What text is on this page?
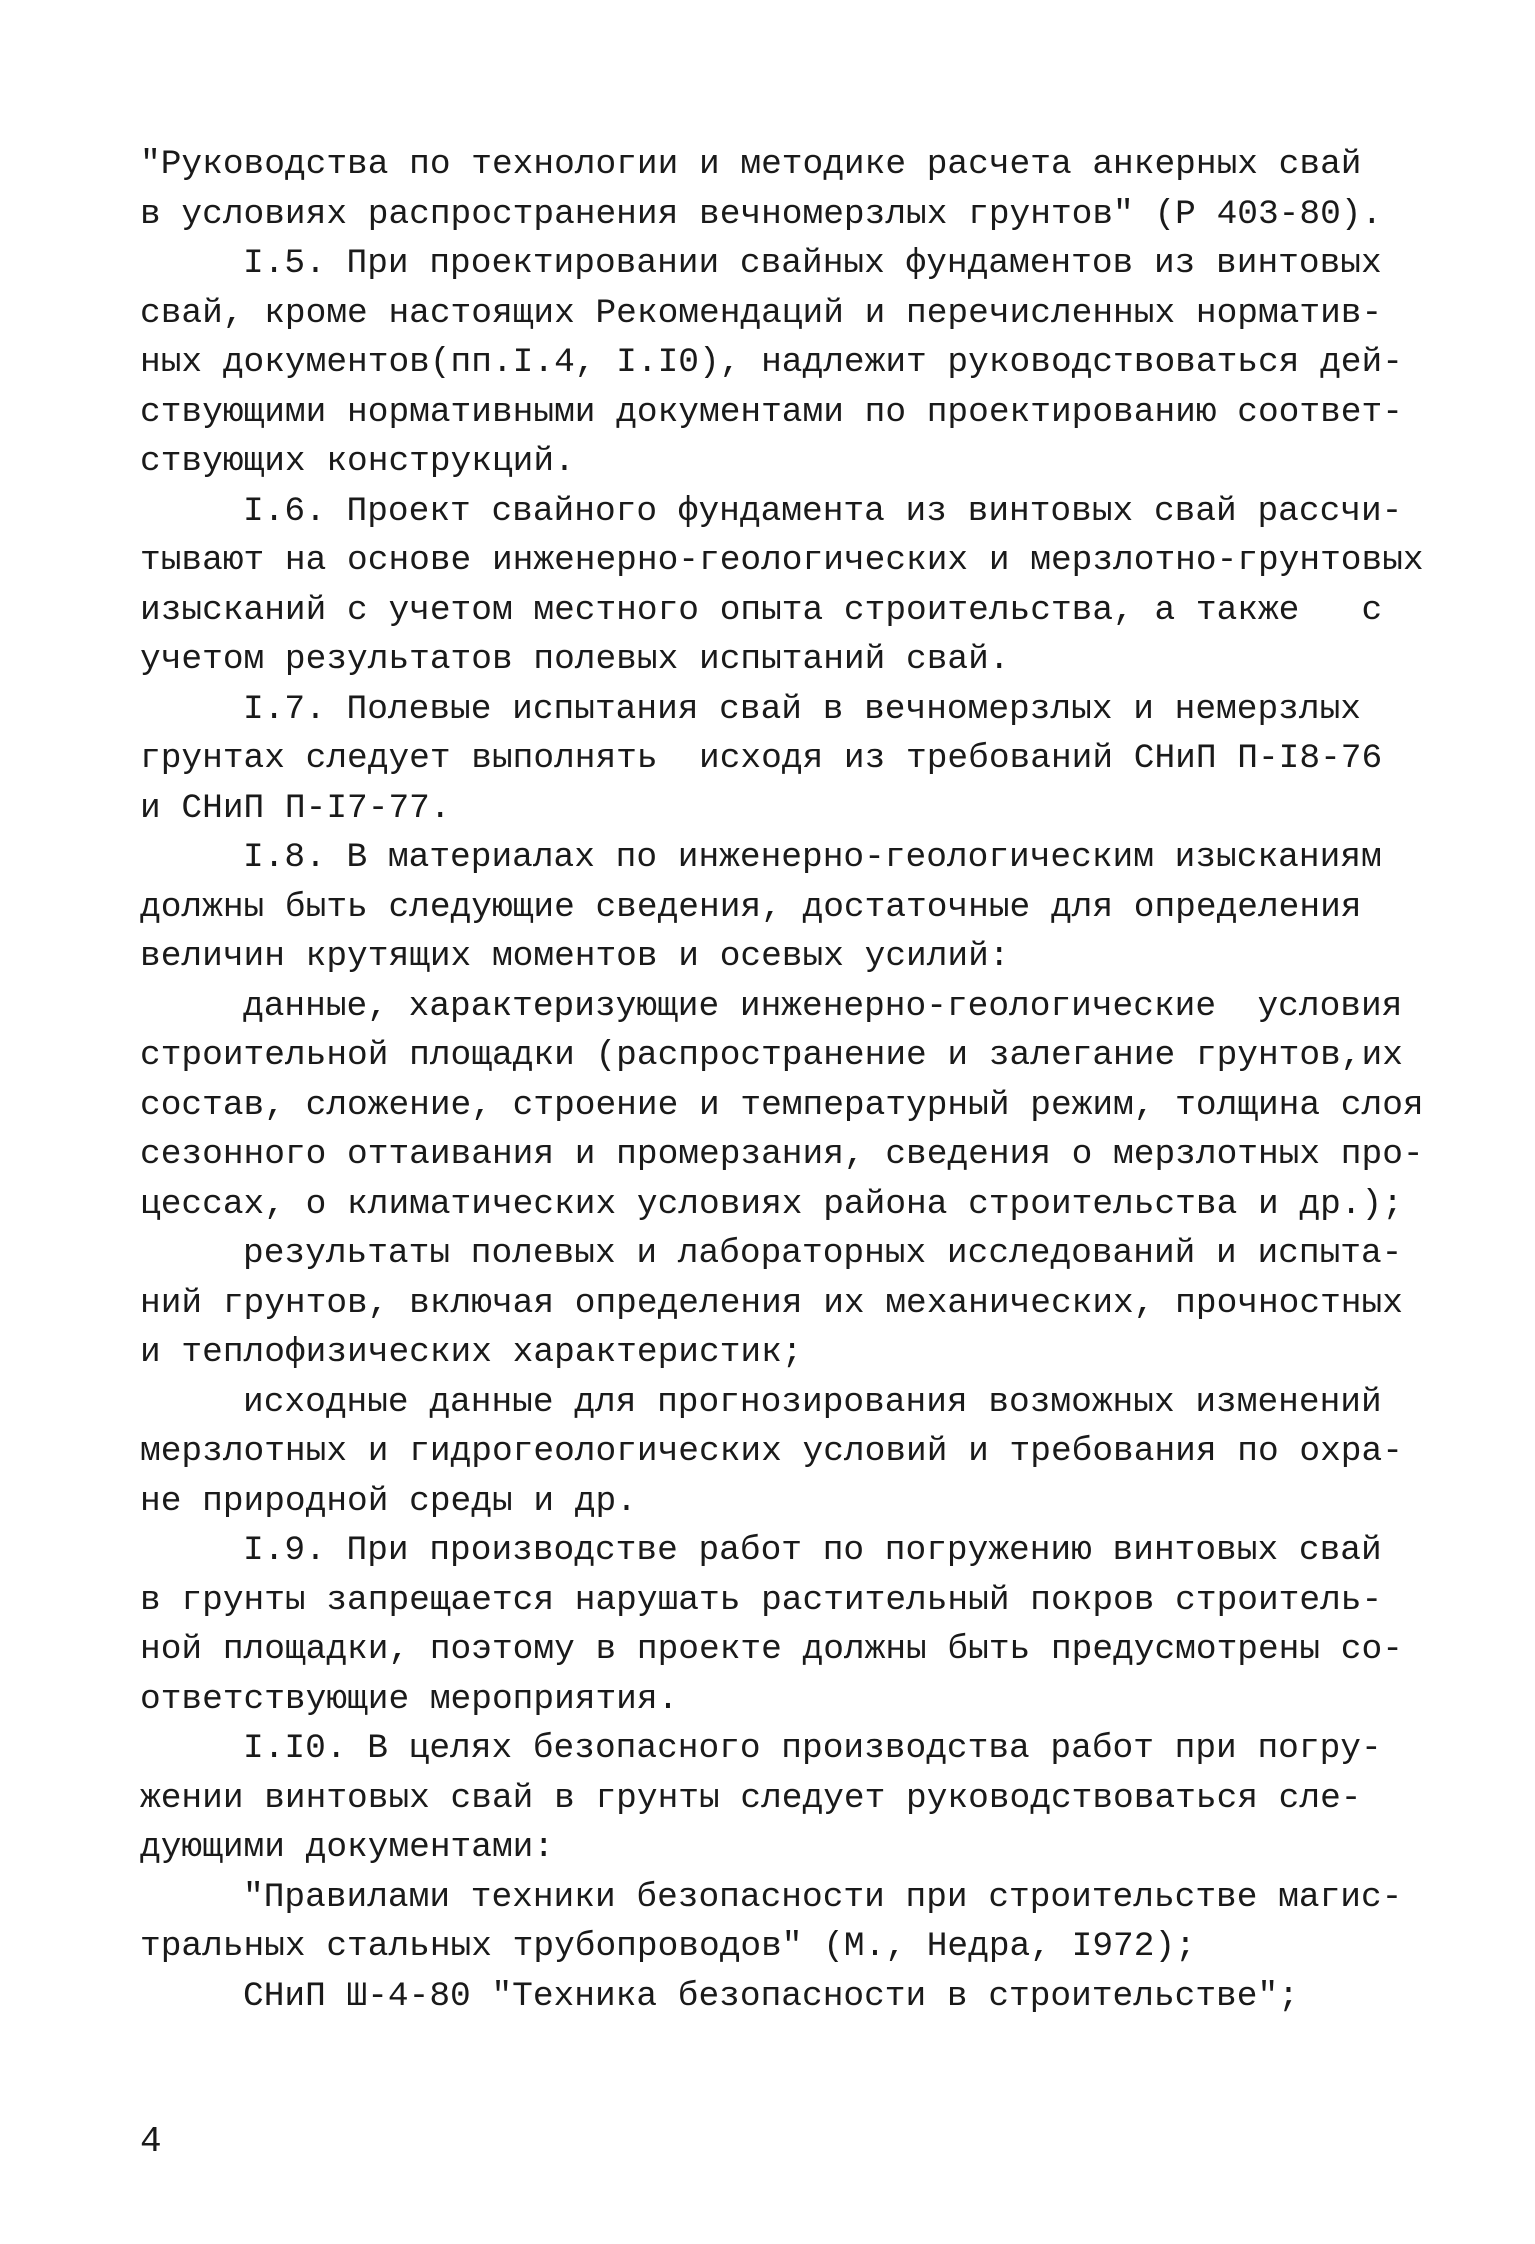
"Руководства по технологии и методике расчета анкерных свай
в условиях распространения вечномерзлых грунтов" (Р 403-80).
I.5. При проектировании свайных фундаментов из винтовых
свай, кроме настоящих Рекомендаций и перечисленных норматив-
ных документов(пп.I.4, I.I0), надлежит руководствоваться дей-
ствующими нормативными документами по проектированию соответ-
ствующих конструкций.
I.6. Проект свайного фундамента из винтовых свай рассчи-
тывают на основе инженерно-геологических и мерзлотно-грунтовых
изысканий с учетом местного опыта строительства, а также   с
учетом результатов полевых испытаний свай.
I.7. Полевые испытания свай в вечномерзлых и немерзлых
грунтах следует выполнять  исходя из требований СНиП П-I8-76
и СНиП П-I7-77.
I.8. В материалах по инженерно-геологическим изысканиям
должны быть следующие сведения, достаточные для определения
величин крутящих моментов и осевых усилий:
данные, характеризующие инженерно-геологические  условия
строительной площадки (распространение и залегание грунтов,их
состав, сложение, строение и температурный режим, толщина слоя
сезонного оттаивания и промерзания, сведения о мерзлотных про-
цессах, о климатических условиях района строительства и др.);
результаты полевых и лабораторных исследований и испыта-
ний грунтов, включая определения их механических, прочностных
и теплофизических характеристик;
исходные данные для прогнозирования возможных изменений
мерзлотных и гидрогеологических условий и требования по охра-
не природной среды и др.
I.9. При производстве работ по погружению винтовых свай
в грунты запрещается нарушать растительный покров строитель-
ной площадки, поэтому в проекте должны быть предусмотрены со-
ответствующие мероприятия.
I.I0. В целях безопасного производства работ при погру-
жении винтовых свай в грунты следует руководствоваться сле-
дующими документами:
"Правилами техники безопасности при строительстве магис-
тральных стальных трубопроводов" (М., Недра, I972);
СНиП Ш-4-80 "Техника безопасности в строительстве";
4
